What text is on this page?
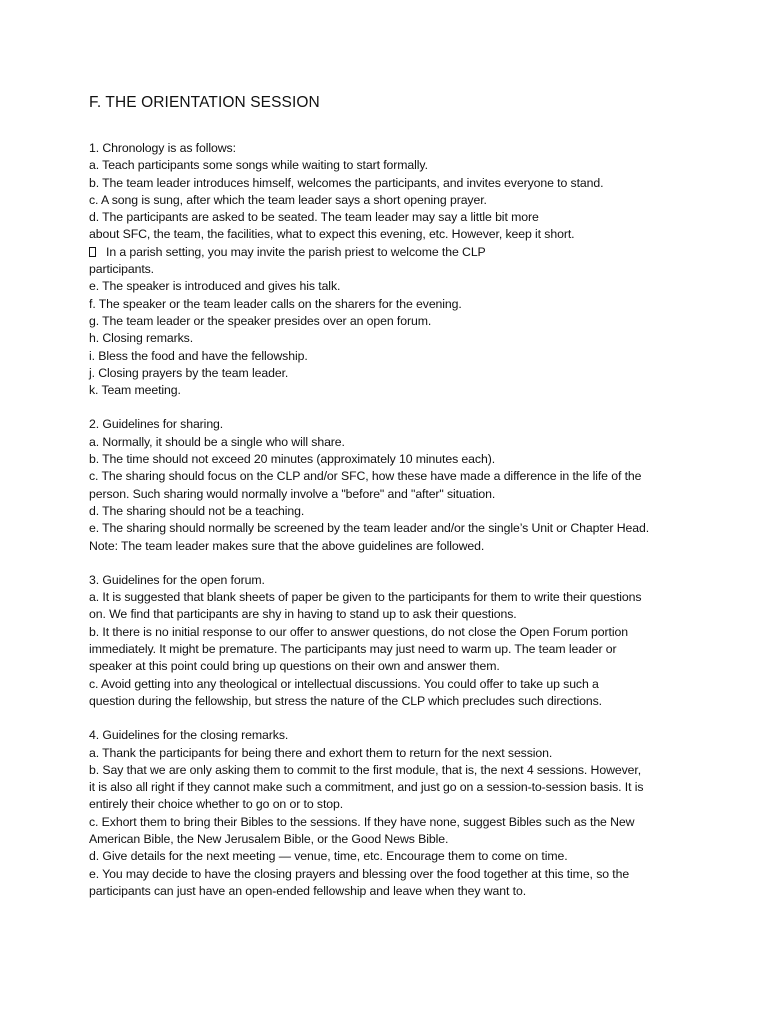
F. THE ORIENTATION SESSION
1. Chronology is as follows:
a. Teach participants some songs while waiting to start formally.
b. The team leader introduces himself, welcomes the participants, and invites everyone to stand.
c. A song is sung, after which the team leader says a short opening prayer.
d. The participants are asked to be seated. The team leader may say a little bit more
about SFC, the team, the facilities, what to expect this evening, etc. However, keep it short.
In a parish setting, you may invite the parish priest to welcome the CLP
participants.
e. The speaker is introduced and gives his talk.
f. The speaker or the team leader calls on the sharers for the evening.
g. The team leader or the speaker presides over an open forum.
h. Closing remarks.
i. Bless the food and have the fellowship.
j. Closing prayers by the team leader.
k. Team meeting.
2. Guidelines for sharing.
a. Normally, it should be a single who will share.
b. The time should not exceed 20 minutes (approximately 10 minutes each).
c. The sharing should focus on the CLP and/or SFC, how these have made a difference in the life of the
person. Such sharing would normally involve a "before" and "after" situation.
d. The sharing should not be a teaching.
e. The sharing should normally be screened by the team leader and/or the single’s Unit or Chapter Head.
Note: The team leader makes sure that the above guidelines are followed.
3. Guidelines for the open forum.
a. It is suggested that blank sheets of paper be given to the participants for them to write their questions
on. We find that participants are shy in having to stand up to ask their questions.
b. It there is no initial response to our offer to answer questions, do not close the Open Forum portion
immediately. It might be premature. The participants may just need to warm up. The team leader or
speaker at this point could bring up questions on their own and answer them.
c. Avoid getting into any theological or intellectual discussions. You could offer to take up such a
question during the fellowship, but stress the nature of the CLP which precludes such directions.
4. Guidelines for the closing remarks.
a. Thank the participants for being there and exhort them to return for the next session.
b. Say that we are only asking them to commit to the first module, that is, the next 4 sessions. However,
it is also all right if they cannot make such a commitment, and just go on a session-to-session basis. It is
entirely their choice whether to go on or to stop.
c. Exhort them to bring their Bibles to the sessions. If they have none, suggest Bibles such as the New
American Bible, the New Jerusalem Bible, or the Good News Bible.
d. Give details for the next meeting — venue, time, etc. Encourage them to come on time.
e. You may decide to have the closing prayers and blessing over the food together at this time, so the
participants can just have an open-ended fellowship and leave when they want to.
